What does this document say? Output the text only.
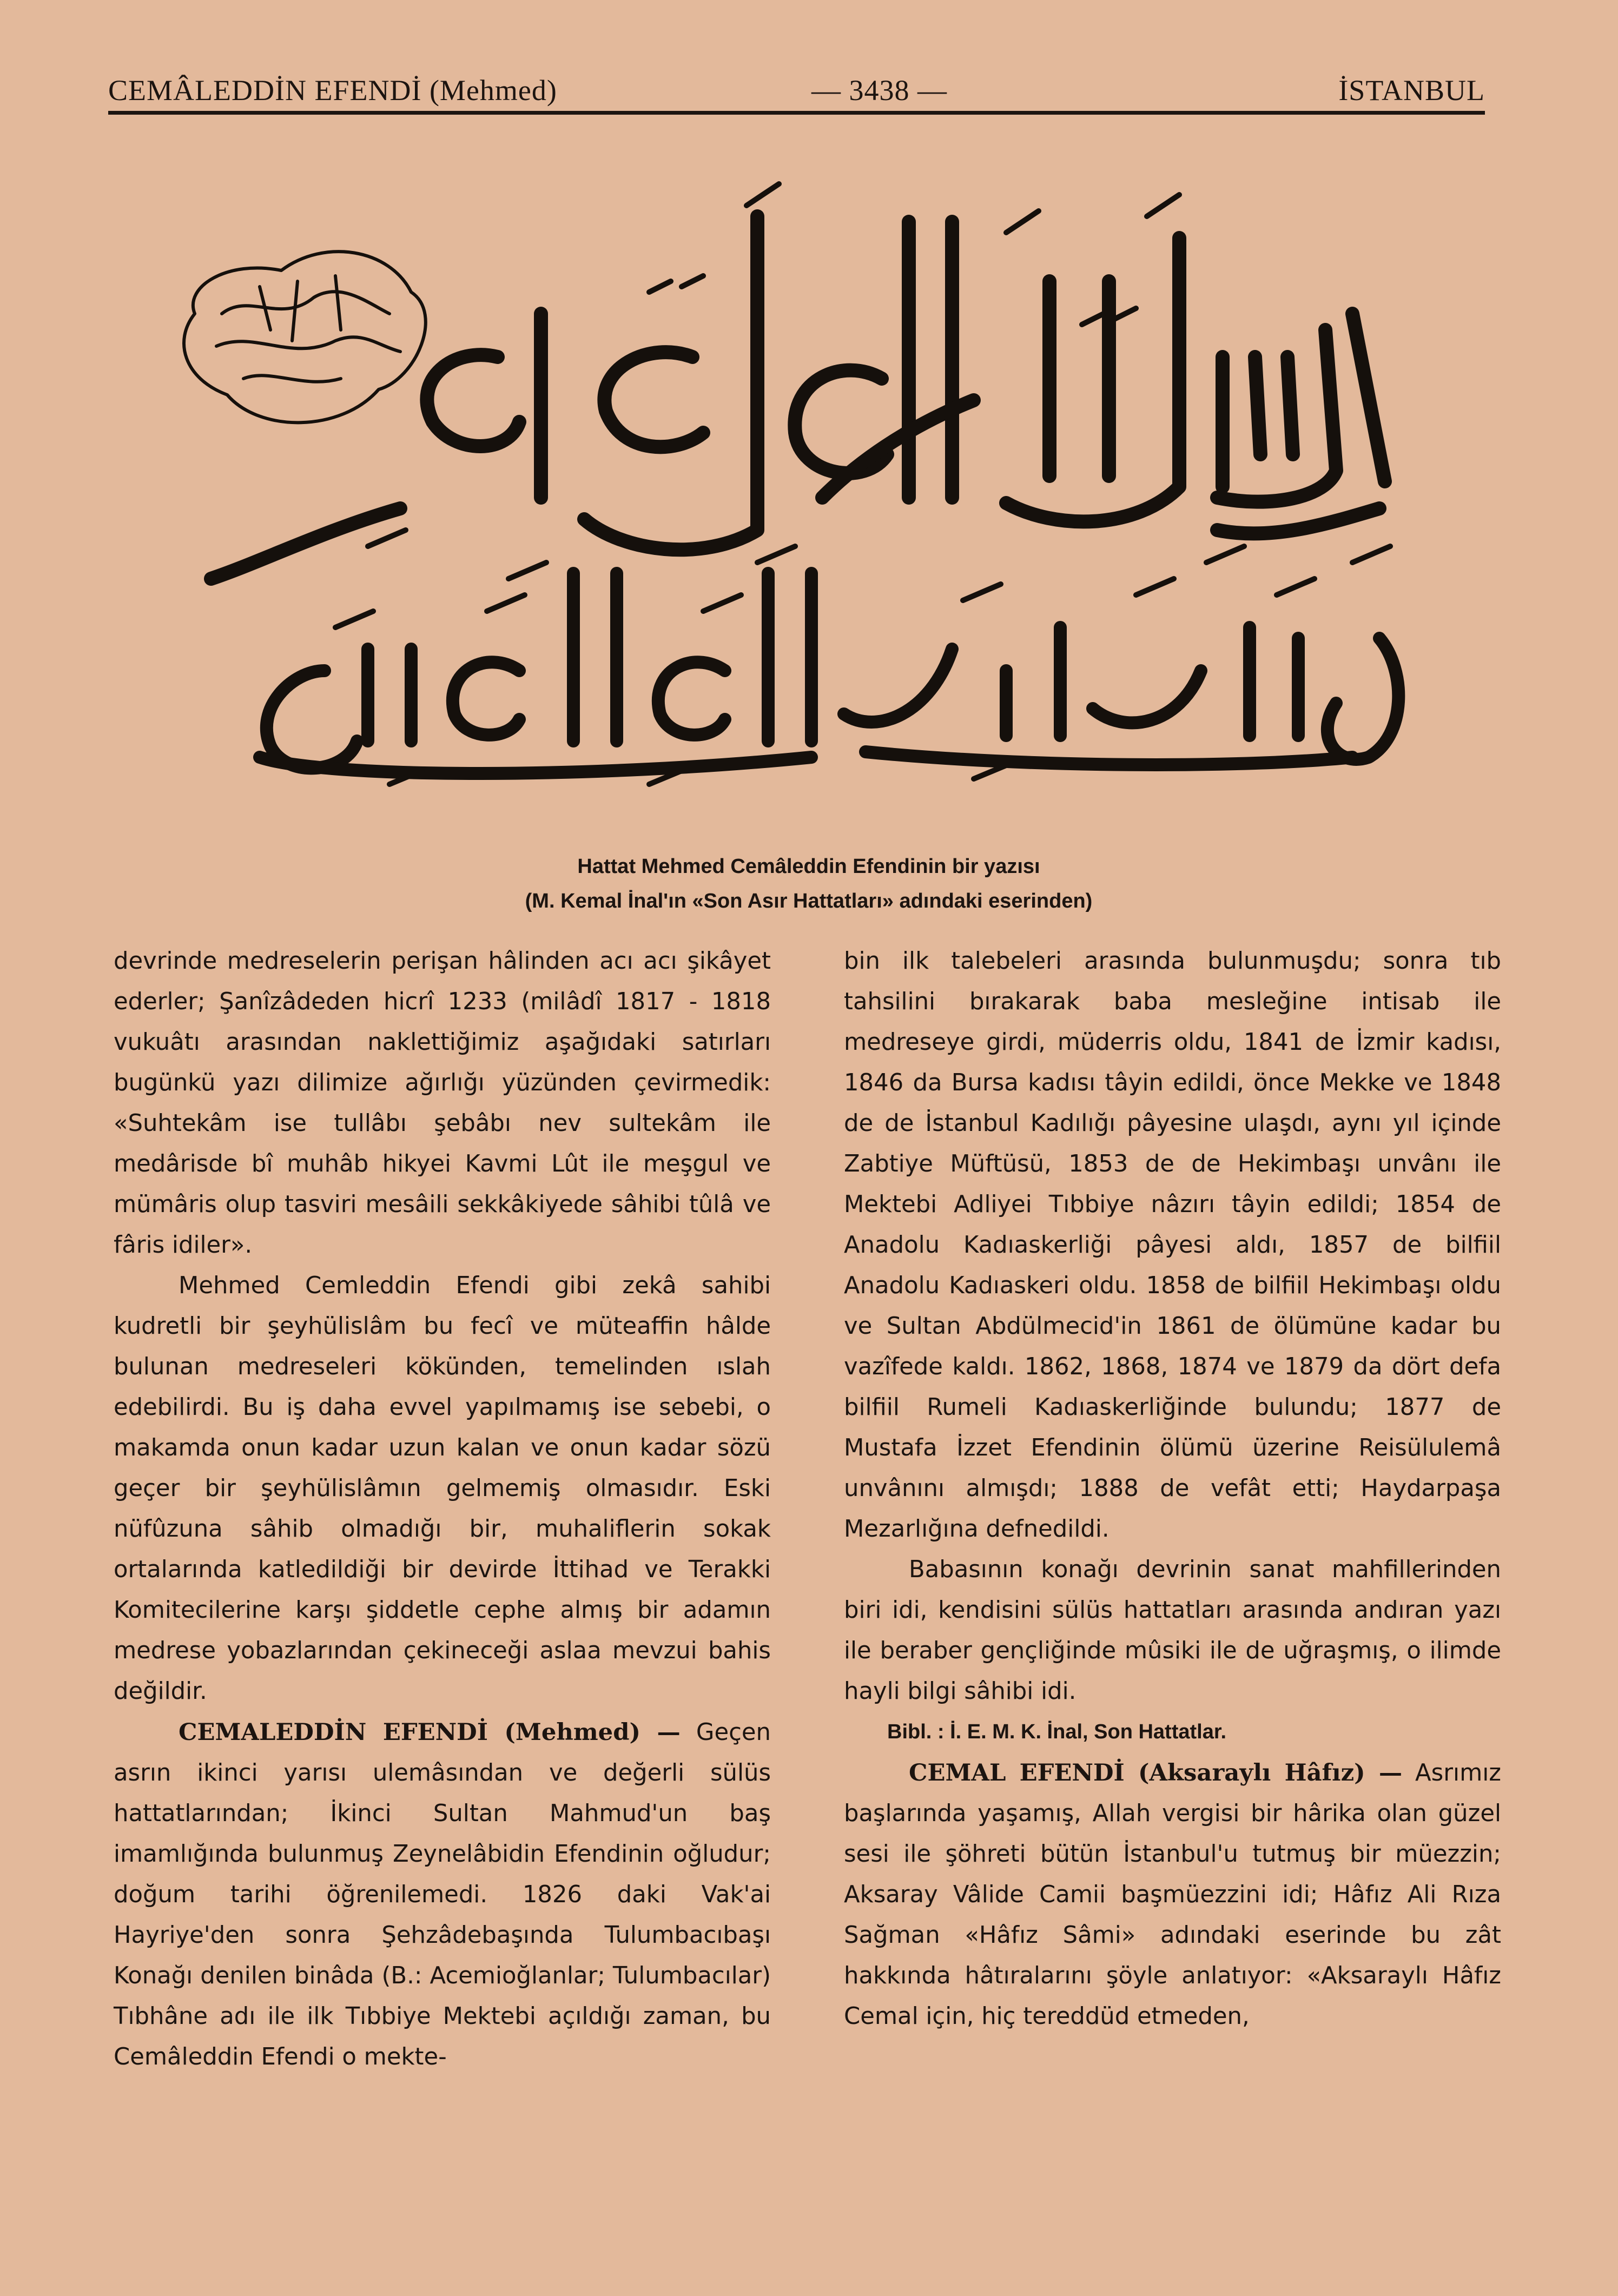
CEMÂLEDDİN EFENDİ (Mehmed)	— 3438 —	İSTANBUL
Hattat Mehmed Cemâleddin Efendinin bir yazısı
(M. Kemal İnal'ın «Son Asır Hattatları» adındaki eserinden)

devrinde medreselerin perişan hâlinden acı acı şikâyet ederler; Şanîzâdeden hicrî 1233 (milâdî 1817 - 1818 vukuâtı arasından naklettiğimiz aşağıdaki satırları bugünkü yazı dilimize ağırlığı yüzünden çevirmedik: «Suhtekâm ise tullâbı şebâbı nev sultekâm ile medârisde bî muhâb hikyei Kavmi Lût ile meşgul ve mümâris olup tasviri mesâili sekkâkiyede sâhibi tûlâ ve fâris idiler».

Mehmed Cemleddin Efendi gibi zekâ sahibi kudretli bir şeyhülislâm bu fecî ve müteaffin hâlde bulunan medreseleri kökünden, temelinden ıslah edebilirdi. Bu iş daha evvel yapılmamış ise sebebi, o makamda onun kadar uzun kalan ve onun kadar sözü geçer bir şeyhülislâmın gelmemiş olmasıdır. Eski nüfûzuna sâhib olmadığı bir, muhaliflerin sokak ortalarında katledildiği bir devirde İttihad ve Terakki Komitecilerine karşı şiddetle cephe almış bir adamın medrese yobazlarından çekineceği aslaa mevzui bahis değildir.

CEMALEDDİN EFENDİ (Mehmed) — Geçen asrın ikinci yarısı ulemâsından ve değerli sülüs hattatlarından; İkinci Sultan Mahmud'un baş imamlığında bulunmuş Zeynelâbidin Efendinin oğludur; doğum tarihi öğrenilemedi. 1826 daki Vak'ai Hayriye'den sonra Şehzâdebaşında Tulumbacıbaşı Konağı denilen binâda (B.: Acemioğlanlar; Tulumbacılar) Tıbhâne adı ile ilk Tıbbiye Mektebi açıldığı zaman, bu Cemâleddin Efendi o mekte-

bin ilk talebeleri arasında bulunmuşdu; sonra tıb tahsilini bırakarak baba mesleğine intisab ile medreseye girdi, müderris oldu, 1841 de İzmir kadısı, 1846 da Bursa kadısı tâyin edildi, önce Mekke ve 1848 de de İstanbul Kadılığı pâyesine ulaşdı, aynı yıl içinde Zabtiye Müftüsü, 1853 de de Hekimbaşı unvânı ile Mektebi Adliyei Tıbbiye nâzırı tâyin edildi; 1854 de Anadolu Kadıaskerliği pâyesi aldı, 1857 de bilfiil Anadolu Kadıaskeri oldu. 1858 de bilfiil Hekimbaşı oldu ve Sultan Abdülmecid'in 1861 de ölümüne kadar bu vazîfede kaldı. 1862, 1868, 1874 ve 1879 da dört defa bilfiil Rumeli Kadıaskerliğinde bulundu; 1877 de Mustafa İzzet Efendinin ölümü üzerine Reisülulemâ unvânını almışdı; 1888 de vefât etti; Haydarpaşa Mezarlığına defnedildi.

Babasının konağı devrinin sanat mahfillerinden biri idi, kendisini sülüs hattatları arasında andıran yazı ile beraber gençliğinde mûsiki ile de uğraşmış, o ilimde hayli bilgi sâhibi idi.

Bibl. : İ. E. M. K. İnal, Son Hattatlar.

CEMAL EFENDİ (Aksaraylı Hâfız) — Asrımız başlarında yaşamış, Allah vergisi bir hârika olan güzel sesi ile şöhreti bütün İstanbul'u tutmuş bir müezzin; Aksaray Vâlide Camii başmüezzini idi; Hâfız Ali Rıza Sağman «Hâfız Sâmi» adındaki eserinde bu zât hakkında hâtıralarını şöyle anlatıyor: «Aksaraylı Hâfız Cemal için, hiç tereddüd etmeden,
